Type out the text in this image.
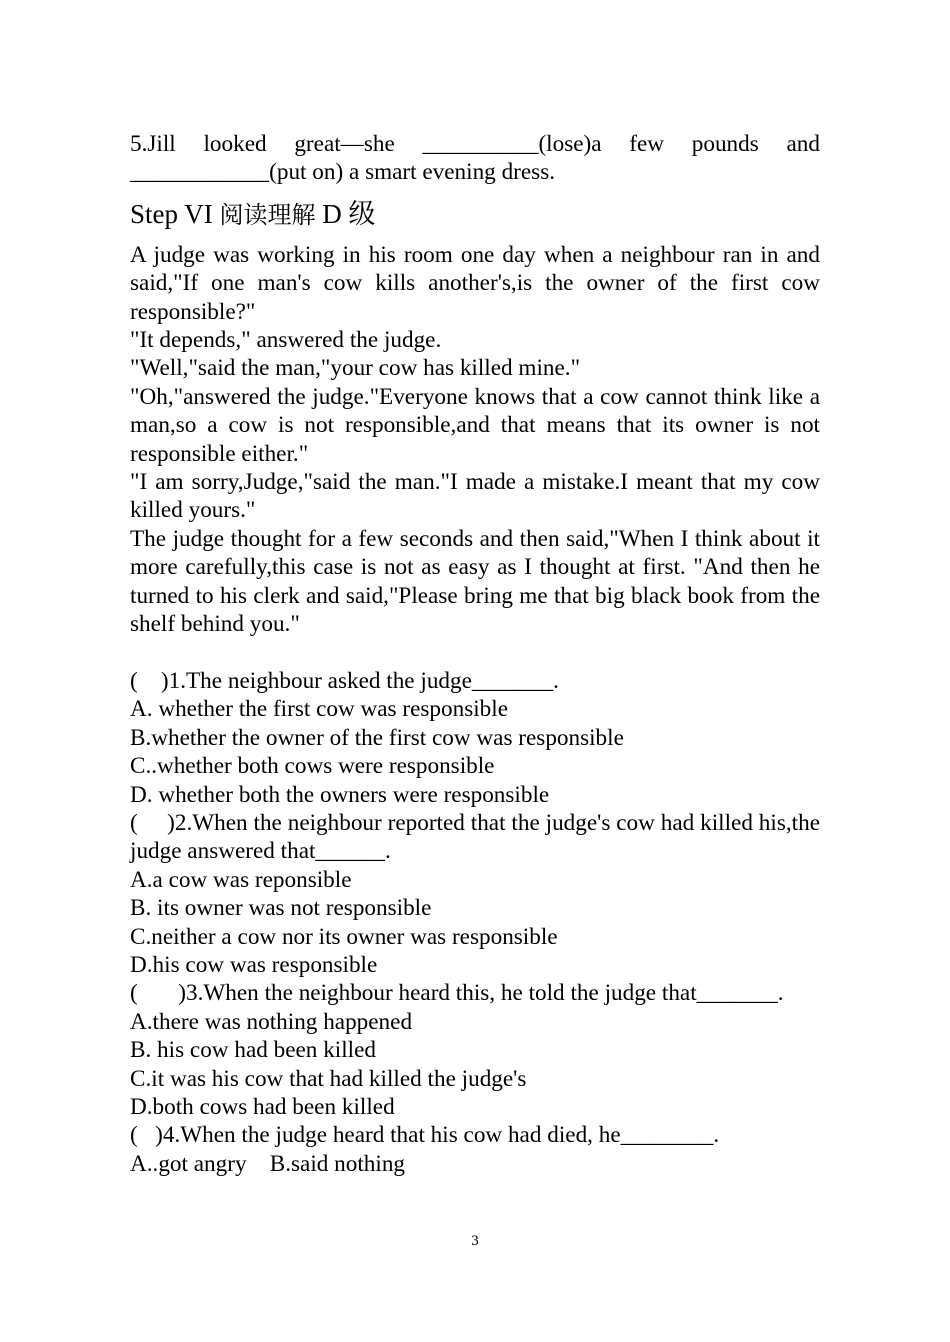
5.Jill looked great—she __________(lose)a few pounds and
____________(put on) a smart evening dress.
Step VI 阅读理解 D 级
A judge was working in his room one day when a neighbour ran in and said,"If one man's cow kills another's,is the owner of the first cow responsible?"
"It depends," answered the judge.
"Well,"said the man,"your cow has killed mine."
"Oh,"answered the judge."Everyone knows that a cow cannot think like a man,so a cow is not responsible,and that means that its owner is not responsible either."
"I am sorry,Judge,"said the man."I made a mistake.I meant that my cow killed yours."
The judge thought for a few seconds and then said,"When I think about it more carefully,this case is not as easy as I thought at first. "And then he turned to his clerk and said,"Please bring me that big black book from the shelf behind you."
(    )1.The neighbour asked the judge_______.
A. whether the first cow was responsible
B.whether the owner of the first cow was responsible
C..whether both cows were responsible
D. whether both the owners were responsible
(     )2.When the neighbour reported that the judge's cow had killed his,the judge answered that______.
A.a cow was reponsible
B. its owner was not responsible
C.neither a cow nor its owner was responsible
D.his cow was responsible
(       )3.When the neighbour heard this, he told the judge that_______.
A.there was nothing happened
B. his cow had been killed
C.it was his cow that had killed the judge's
D.both cows had been killed
(   )4.When the judge heard that his cow had died, he________.
A..got angry    B.said nothing
3
